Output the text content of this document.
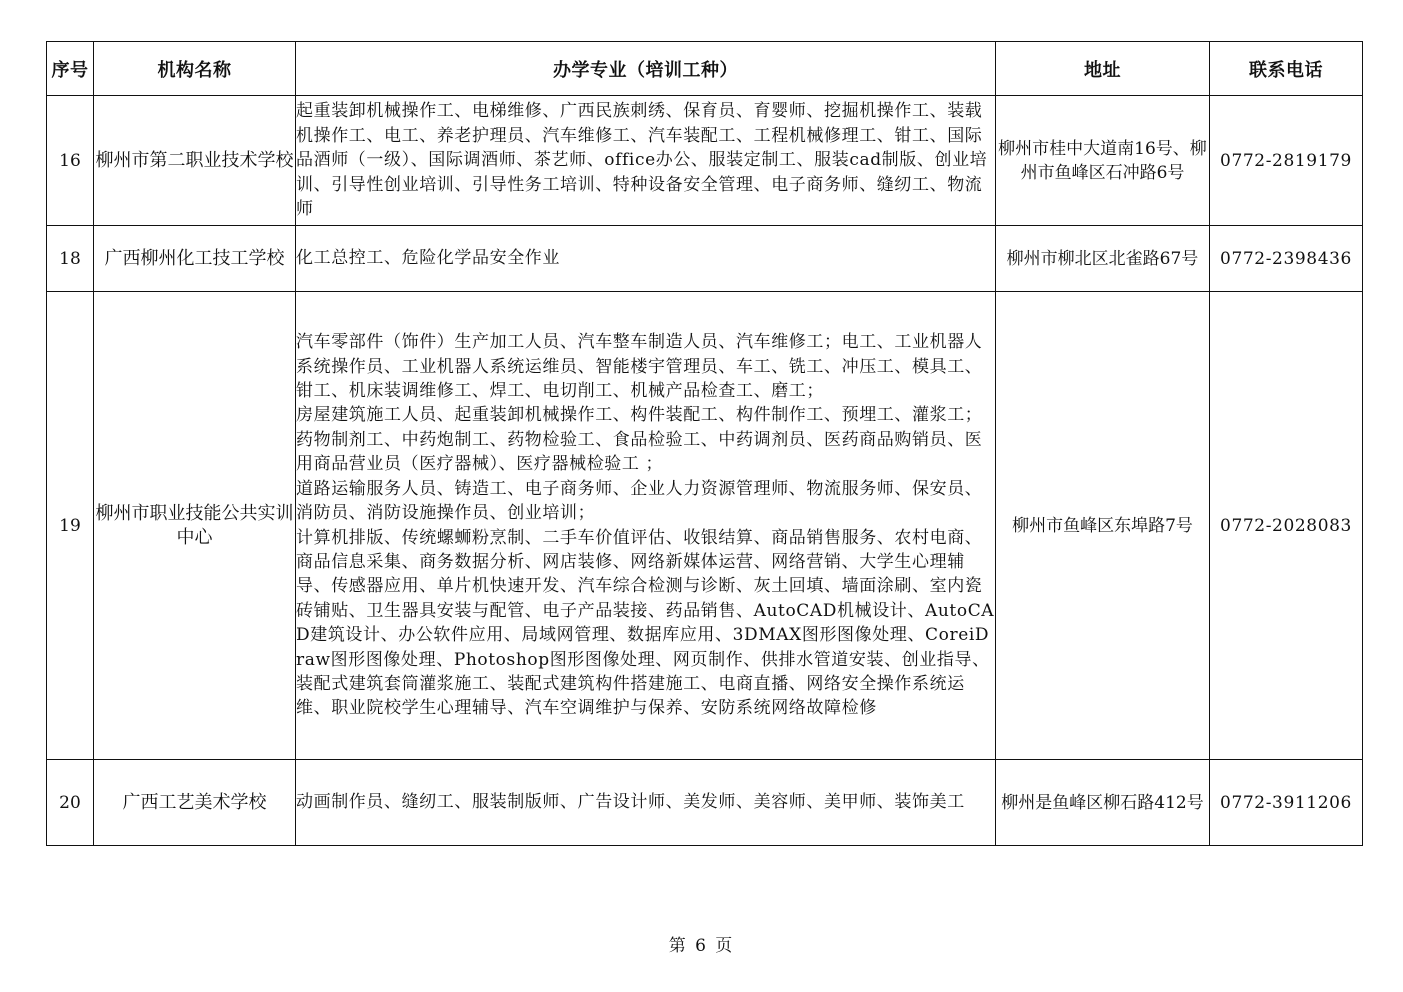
序号	机构名称	办学专业（培训工种）	地址	联系电话
16	柳州市第二职业技术学校	起重装卸机械操作工、电梯维修、广西民族刺绣、保育员、育婴师、挖掘机操作工、装载机操作工、电工、养老护理员、汽车维修工、汽车装配工、工程机械修理工、钳工、国际品酒师（一级）、国际调酒师、茶艺师、office办公、服装定制工、服装cad制版、创业培训、引导性创业培训、引导性务工培训、特种设备安全管理、电子商务师、缝纫工、物流师	柳州市桂中大道南16号、柳州市鱼峰区石冲路6号	0772-2819179
18	广西柳州化工技工学校	化工总控工、危险化学品安全作业	柳州市柳北区北雀路67号	0772-2398436
19	柳州市职业技能公共实训中心	汽车零部件（饰件）生产加工人员、汽车整车制造人员、汽车维修工；电工、工业机器人系统操作员、工业机器人系统运维员、智能楼宇管理员、车工、铣工、冲压工、模具工、钳工、机床装调维修工、焊工、电切削工、机械产品检查工、磨工；
房屋建筑施工人员、起重装卸机械操作工、构件装配工、构件制作工、预埋工、灌浆工；
药物制剂工、中药炮制工、药物检验工、食品检验工、中药调剂员、医药商品购销员、医用商品营业员（医疗器械）、医疗器械检验工 ；
道路运输服务人员、铸造工、电子商务师、企业人力资源管理师、物流服务师、保安员、消防员、消防设施操作员、创业培训；
计算机排版、传统螺蛳粉烹制、二手车价值评估、收银结算、商品销售服务、农村电商、商品信息采集、商务数据分析、网店装修、网络新媒体运营、网络营销、大学生心理辅导、传感器应用、单片机快速开发、汽车综合检测与诊断、灰土回填、墙面涂刷、室内瓷砖铺贴、卫生器具安装与配管、电子产品装接、药品销售、AutoCAD机械设计、AutoCAD建筑设计、办公软件应用、局域网管理、数据库应用、3DMAX图形图像处理、CoreiDraw图形图像处理、Photoshop图形图像处理、网页制作、供排水管道安装、创业指导、装配式建筑套筒灌浆施工、装配式建筑构件搭建施工、电商直播、网络安全操作系统运维、职业院校学生心理辅导、汽车空调维护与保养、安防系统网络故障检修	柳州市鱼峰区东埠路7号	0772-2028083
20	广西工艺美术学校	动画制作员、缝纫工、服装制版师、广告设计师、美发师、美容师、美甲师、装饰美工	柳州是鱼峰区柳石路412号	0772-3911206
第 6 页
